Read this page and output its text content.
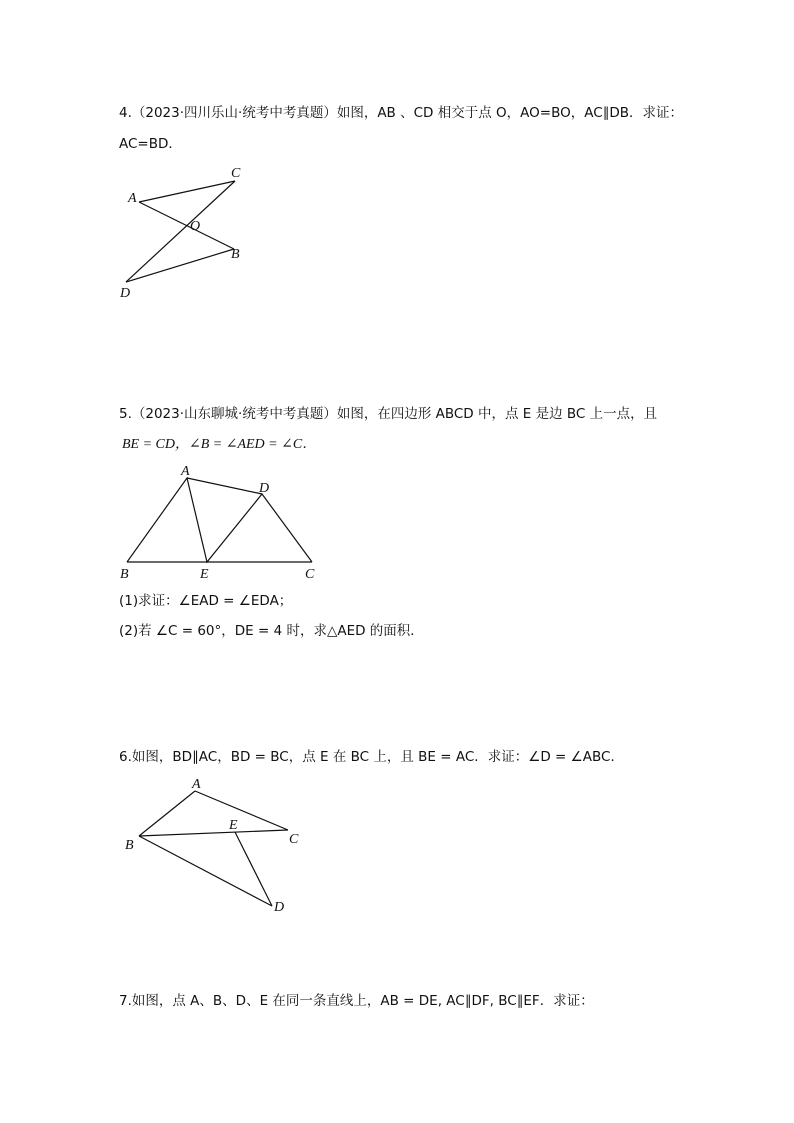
4.（2023·四川乐山·统考中考真题）如图，AB 、CD 相交于点 O，AO=BO，AC∥DB．求证：
AC=BD．
A
C
O
B
D
5.（2023·山东聊城·统考中考真题）如图，在四边形 ABCD 中，点 E 是边 BC 上一点，且
BE = CD，∠B = ∠AED = ∠C．
A
D
B	E	C
(1)求证：∠EAD = ∠EDA；
(2)若 ∠C = 60°，DE = 4 时，求△AED 的面积．
6.如图，BD∥AC，BD = BC，点 E 在 BC 上，且 BE = AC．求证：∠D = ∠ABC．
A
E
C
B
D
7.如图，点 A、B、D、E 在同一条直线上，AB = DE, AC∥DF, BC∥EF．求证：
